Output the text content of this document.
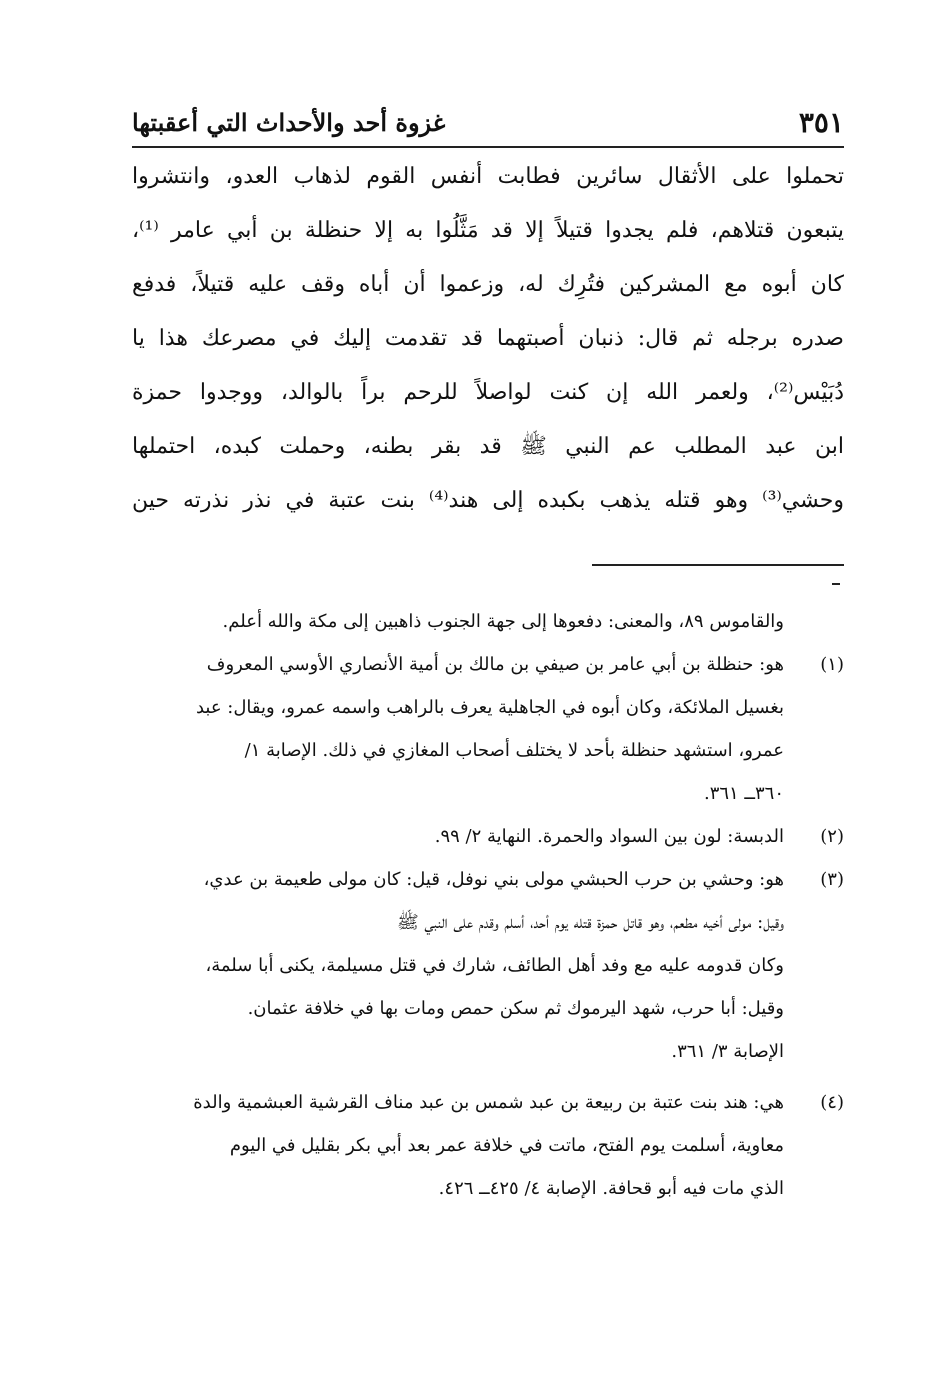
٣٥١
غزوة أحد والأحداث التي أعقبتها
تحملوا على الأثقال سائرين فطابت أنفس القوم لذهاب العدو، وانتشروا
يتبعون قتلاهم، فلم يجدوا قتيلاً إلا قد مَثَّلُوا به إلا حنظلة بن أبي عامر ⁽¹⁾،
كان أبوه مع المشركين فتُرِك له، وزعموا أن أباه وقف عليه قتيلاً، فدفع
صدره برجله ثم قال: ذنبان أصبتهما قد تقدمت إليك في مصرعك هذا يا
دُبَيْس⁽²⁾، ولعمر الله إن كنت لواصلاً للرحم براً بالوالد، ووجدوا حمزة
ابن عبد المطلب عم النبي ﷺ قد بقر بطنه، وحملت كبده، احتملها
وحشي⁽³⁾ وهو قتله يذهب بكبده إلى هند⁽⁴⁾ بنت عتبة في نذر نذرته حين
والقاموس ٨٩، والمعنى: دفعوها إلى جهة الجنوب ذاهبين إلى مكة والله أعلم.
(١)
هو: حنظلة بن أبي عامر بن صيفي بن مالك بن أمية الأنصاري الأوسي المعروف
بغسيل الملائكة، وكان أبوه في الجاهلية يعرف بالراهب واسمه عمرو، ويقال: عبد
عمرو، استشهد حنظلة بأحد لا يختلف أصحاب المغازي في ذلك. الإصابة ١/
٣٦٠ــ ٣٦١.
(٢)
الدبسة: لون بين السواد والحمرة. النهاية ٢/ ٩٩.
(٣)
هو: وحشي بن حرب الحبشي مولى بني نوفل، قيل: كان مولى طعيمة بن عدي،
وقيل: مولى أخيه مطعم، وهو قاتل حمزة قتله يوم أحد، أسلم وقدم على النبي ﷺ
وكان قدومه عليه مع وفد أهل الطائف، شارك في قتل مسيلمة، يكنى أبا سلمة،
وقيل: أبا حرب، شهد اليرموك ثم سكن حمص ومات بها في خلافة عثمان.
الإصابة ٣/ ٣٦١.
(٤)
هي: هند بنت عتبة بن ربيعة بن عبد شمس بن عبد مناف القرشية العبشمية والدة
معاوية، أسلمت يوم الفتح، ماتت في خلافة عمر بعد أبي بكر بقليل في اليوم
الذي مات فيه أبو قحافة. الإصابة ٤/ ٤٢٥ــ ٤٢٦.
